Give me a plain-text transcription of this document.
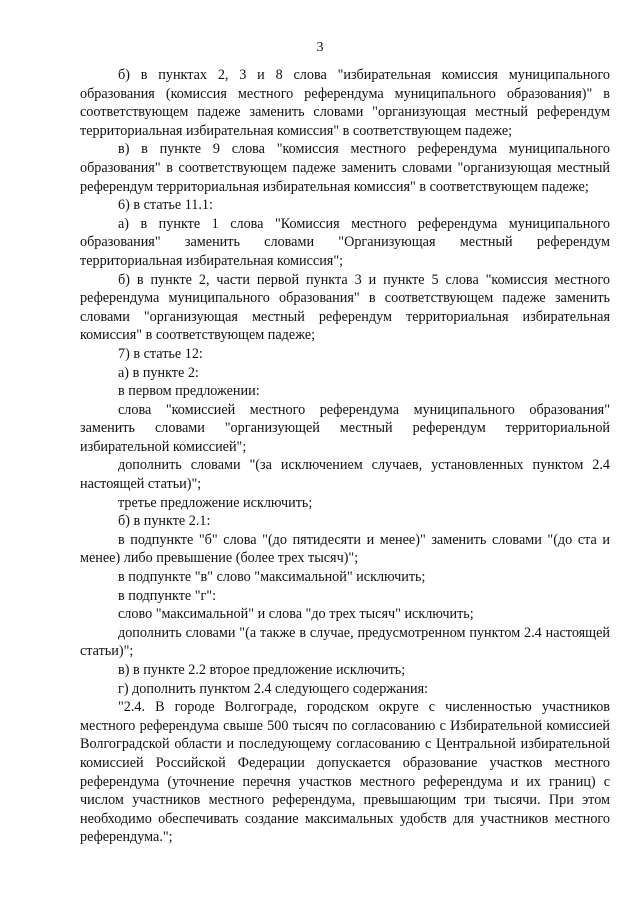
3

б) в пунктах 2, 3 и 8 слова "избирательная комиссия муниципального образования (комиссия местного референдума муниципального образования)" в соответствующем падеже заменить словами "организующая местный референдум территориальная избирательная комиссия" в соответствующем падеже;

в) в пункте 9 слова "комиссия местного референдума муниципального образования" в соответствующем падеже заменить словами "организующая местный референдум территориальная избирательная комиссия" в соответствующем падеже;

6) в статье 11.1:

а) в пункте 1 слова "Комиссия местного референдума муниципального образования" заменить словами "Организующая местный референдум территориальная избирательная комиссия";

б) в пункте 2, части первой пункта 3 и пункте 5 слова "комиссия местного референдума муниципального образования" в соответствующем падеже заменить словами "организующая местный референдум территориальная избирательная комиссия" в соответствующем падеже;

7) в статье 12:

а) в пункте 2:

в первом предложении:

слова "комиссией местного референдума муниципального образования" заменить словами "организующей местный референдум территориальной избирательной комиссией";

дополнить словами "(за исключением случаев, установленных пунктом 2.4 настоящей статьи)";

третье предложение исключить;

б) в пункте 2.1:

в подпункте "б" слова "(до пятидесяти и менее)" заменить словами "(до ста и менее) либо превышение (более трех тысяч)";

в подпункте "в" слово "максимальной" исключить;

в подпункте "г":

слово "максимальной" и слова "до трех тысяч" исключить;

дополнить словами "(а также в случае, предусмотренном пунктом 2.4 настоящей статьи)";

в) в пункте 2.2 второе предложение исключить;

г) дополнить пунктом 2.4 следующего содержания:

"2.4. В городе Волгограде, городском округе с численностью участников местного референдума свыше 500 тысяч по согласованию с Избирательной комиссией Волгоградской области и последующему согласованию с Центральной избирательной комиссией Российской Федерации допускается образование участков местного референдума (уточнение перечня участков местного референдума и их границ) с числом участников местного референдума, превышающим три тысячи. При этом необходимо обеспечивать создание максимальных удобств для участников местного референдума.";
